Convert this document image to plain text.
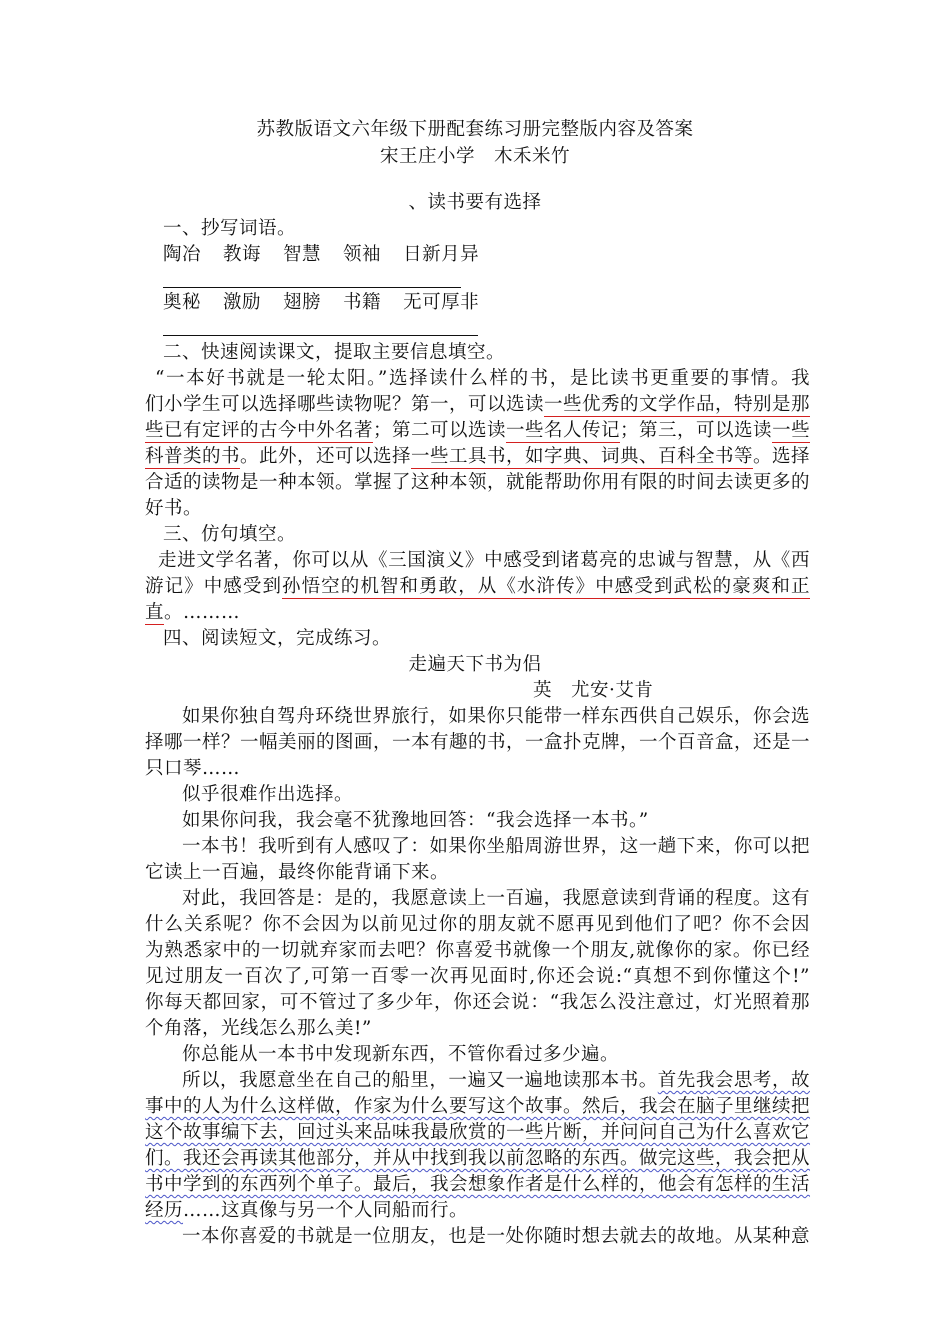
苏教版语文六年级下册配套练习册完整版内容及答案
宋王庄小学　木禾米竹
、读书要有选择
一、抄写词语。
陶冶 教诲 智慧 领袖 日新月异
奥秘 激励 翅膀 书籍 无可厚非
二、快速阅读课文，提取主要信息填空。
“一本好书就是一轮太阳。”选择读什么样的书，是比读书更重要的事情。我
们小学生可以选择哪些读物呢？第一，可以选读一些优秀的文学作品，特别是那
些已有定评的古今中外名著；第二可以选读一些名人传记；第三，可以选读一些
科普类的书。此外，还可以选择一些工具书，如字典、词典、百科全书等。选择
合适的读物是一种本领。掌握了这种本领，就能帮助你用有限的时间去读更多的
好书。
三、仿句填空。
走进文学名著，你可以从《三国演义》中感受到诸葛亮的忠诚与智慧，从《西
游记》中感受到孙悟空的机智和勇敢，从《水浒传》中感受到武松的豪爽和正
直。………
四、阅读短文，完成练习。
走遍天下书为侣
英　尤安·艾肯
如果你独自驾舟环绕世界旅行，如果你只能带一样东西供自己娱乐，你会选
择哪一样？一幅美丽的图画，一本有趣的书，一盒扑克牌，一个百音盒，还是一
只口琴……
似乎很难作出选择。
如果你问我，我会毫不犹豫地回答：“我会选择一本书。”
一本书！我听到有人感叹了：如果你坐船周游世界，这一趟下来，你可以把
它读上一百遍，最终你能背诵下来。
对此，我回答是：是的，我愿意读上一百遍，我愿意读到背诵的程度。这有
什么关系呢？你不会因为以前见过你的朋友就不愿再见到他们了吧？你不会因
为熟悉家中的一切就弃家而去吧？你喜爱书就像一个朋友,就像你的家。你已经
见过朋友一百次了,可第一百零一次再见面时,你还会说:“真想不到你懂这个!”
你每天都回家，可不管过了多少年，你还会说：“我怎么没注意过，灯光照着那
个角落，光线怎么那么美!”
你总能从一本书中发现新东西，不管你看过多少遍。
所以，我愿意坐在自己的船里，一遍又一遍地读那本书。首先我会思考，故
事中的人为什么这样做，作家为什么要写这个故事。然后，我会在脑子里继续把
这个故事编下去，回过头来品味我最欣赏的一些片断，并问问自己为什么喜欢它
们。我还会再读其他部分，并从中找到我以前忽略的东西。做完这些，我会把从
书中学到的东西列个单子。最后，我会想象作者是什么样的，他会有怎样的生活
经历……这真像与另一个人同船而行。
一本你喜爱的书就是一位朋友，也是一处你随时想去就去的故地。从某种意
